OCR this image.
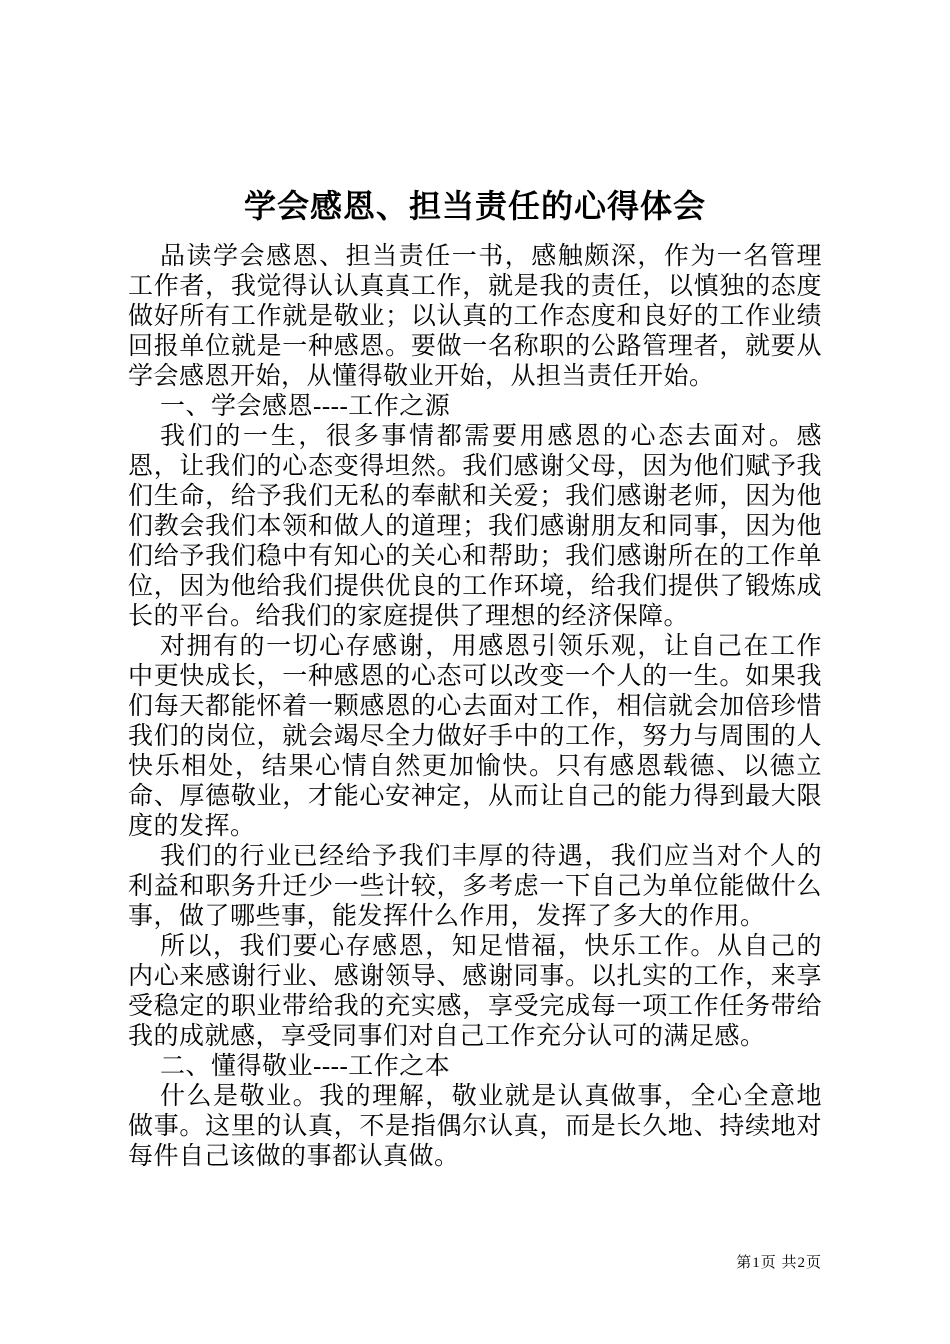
学会感恩、担当责任的心得体会

品读学会感恩、担当责任一书，感触颇深，作为一名管理工作者，我觉得认认真真工作，就是我的责任，以慎独的态度做好所有工作就是敬业；以认真的工作态度和良好的工作业绩回报单位就是一种感恩。要做一名称职的公路管理者，就要从学会感恩开始，从懂得敬业开始，从担当责任开始。

一、学会感恩----工作之源

我们的一生，很多事情都需要用感恩的心态去面对。感恩，让我们的心态变得坦然。我们感谢父母，因为他们赋予我们生命，给予我们无私的奉献和关爱；我们感谢老师，因为他们教会我们本领和做人的道理；我们感谢朋友和同事，因为他们给予我们稳中有知心的关心和帮助；我们感谢所在的工作单位，因为他给我们提供优良的工作环境，给我们提供了锻炼成长的平台。给我们的家庭提供了理想的经济保障。

对拥有的一切心存感谢，用感恩引领乐观，让自己在工作中更快成长，一种感恩的心态可以改变一个人的一生。如果我们每天都能怀着一颗感恩的心去面对工作，相信就会加倍珍惜我们的岗位，就会竭尽全力做好手中的工作，努力与周围的人快乐相处，结果心情自然更加愉快。只有感恩载德、以德立命、厚德敬业，才能心安神定，从而让自己的能力得到最大限度的发挥。

我们的行业已经给予我们丰厚的待遇，我们应当对个人的利益和职务升迁少一些计较，多考虑一下自己为单位能做什么事，做了哪些事，能发挥什么作用，发挥了多大的作用。

所以，我们要心存感恩，知足惜福，快乐工作。从自己的内心来感谢行业、感谢领导、感谢同事。以扎实的工作，来享受稳定的职业带给我的充实感，享受完成每一项工作任务带给我的成就感，享受同事们对自己工作充分认可的满足感。

二、懂得敬业----工作之本

什么是敬业。我的理解，敬业就是认真做事，全心全意地做事。这里的认真，不是指偶尔认真，而是长久地、持续地对每件自己该做的事都认真做。

第1页 共2页
